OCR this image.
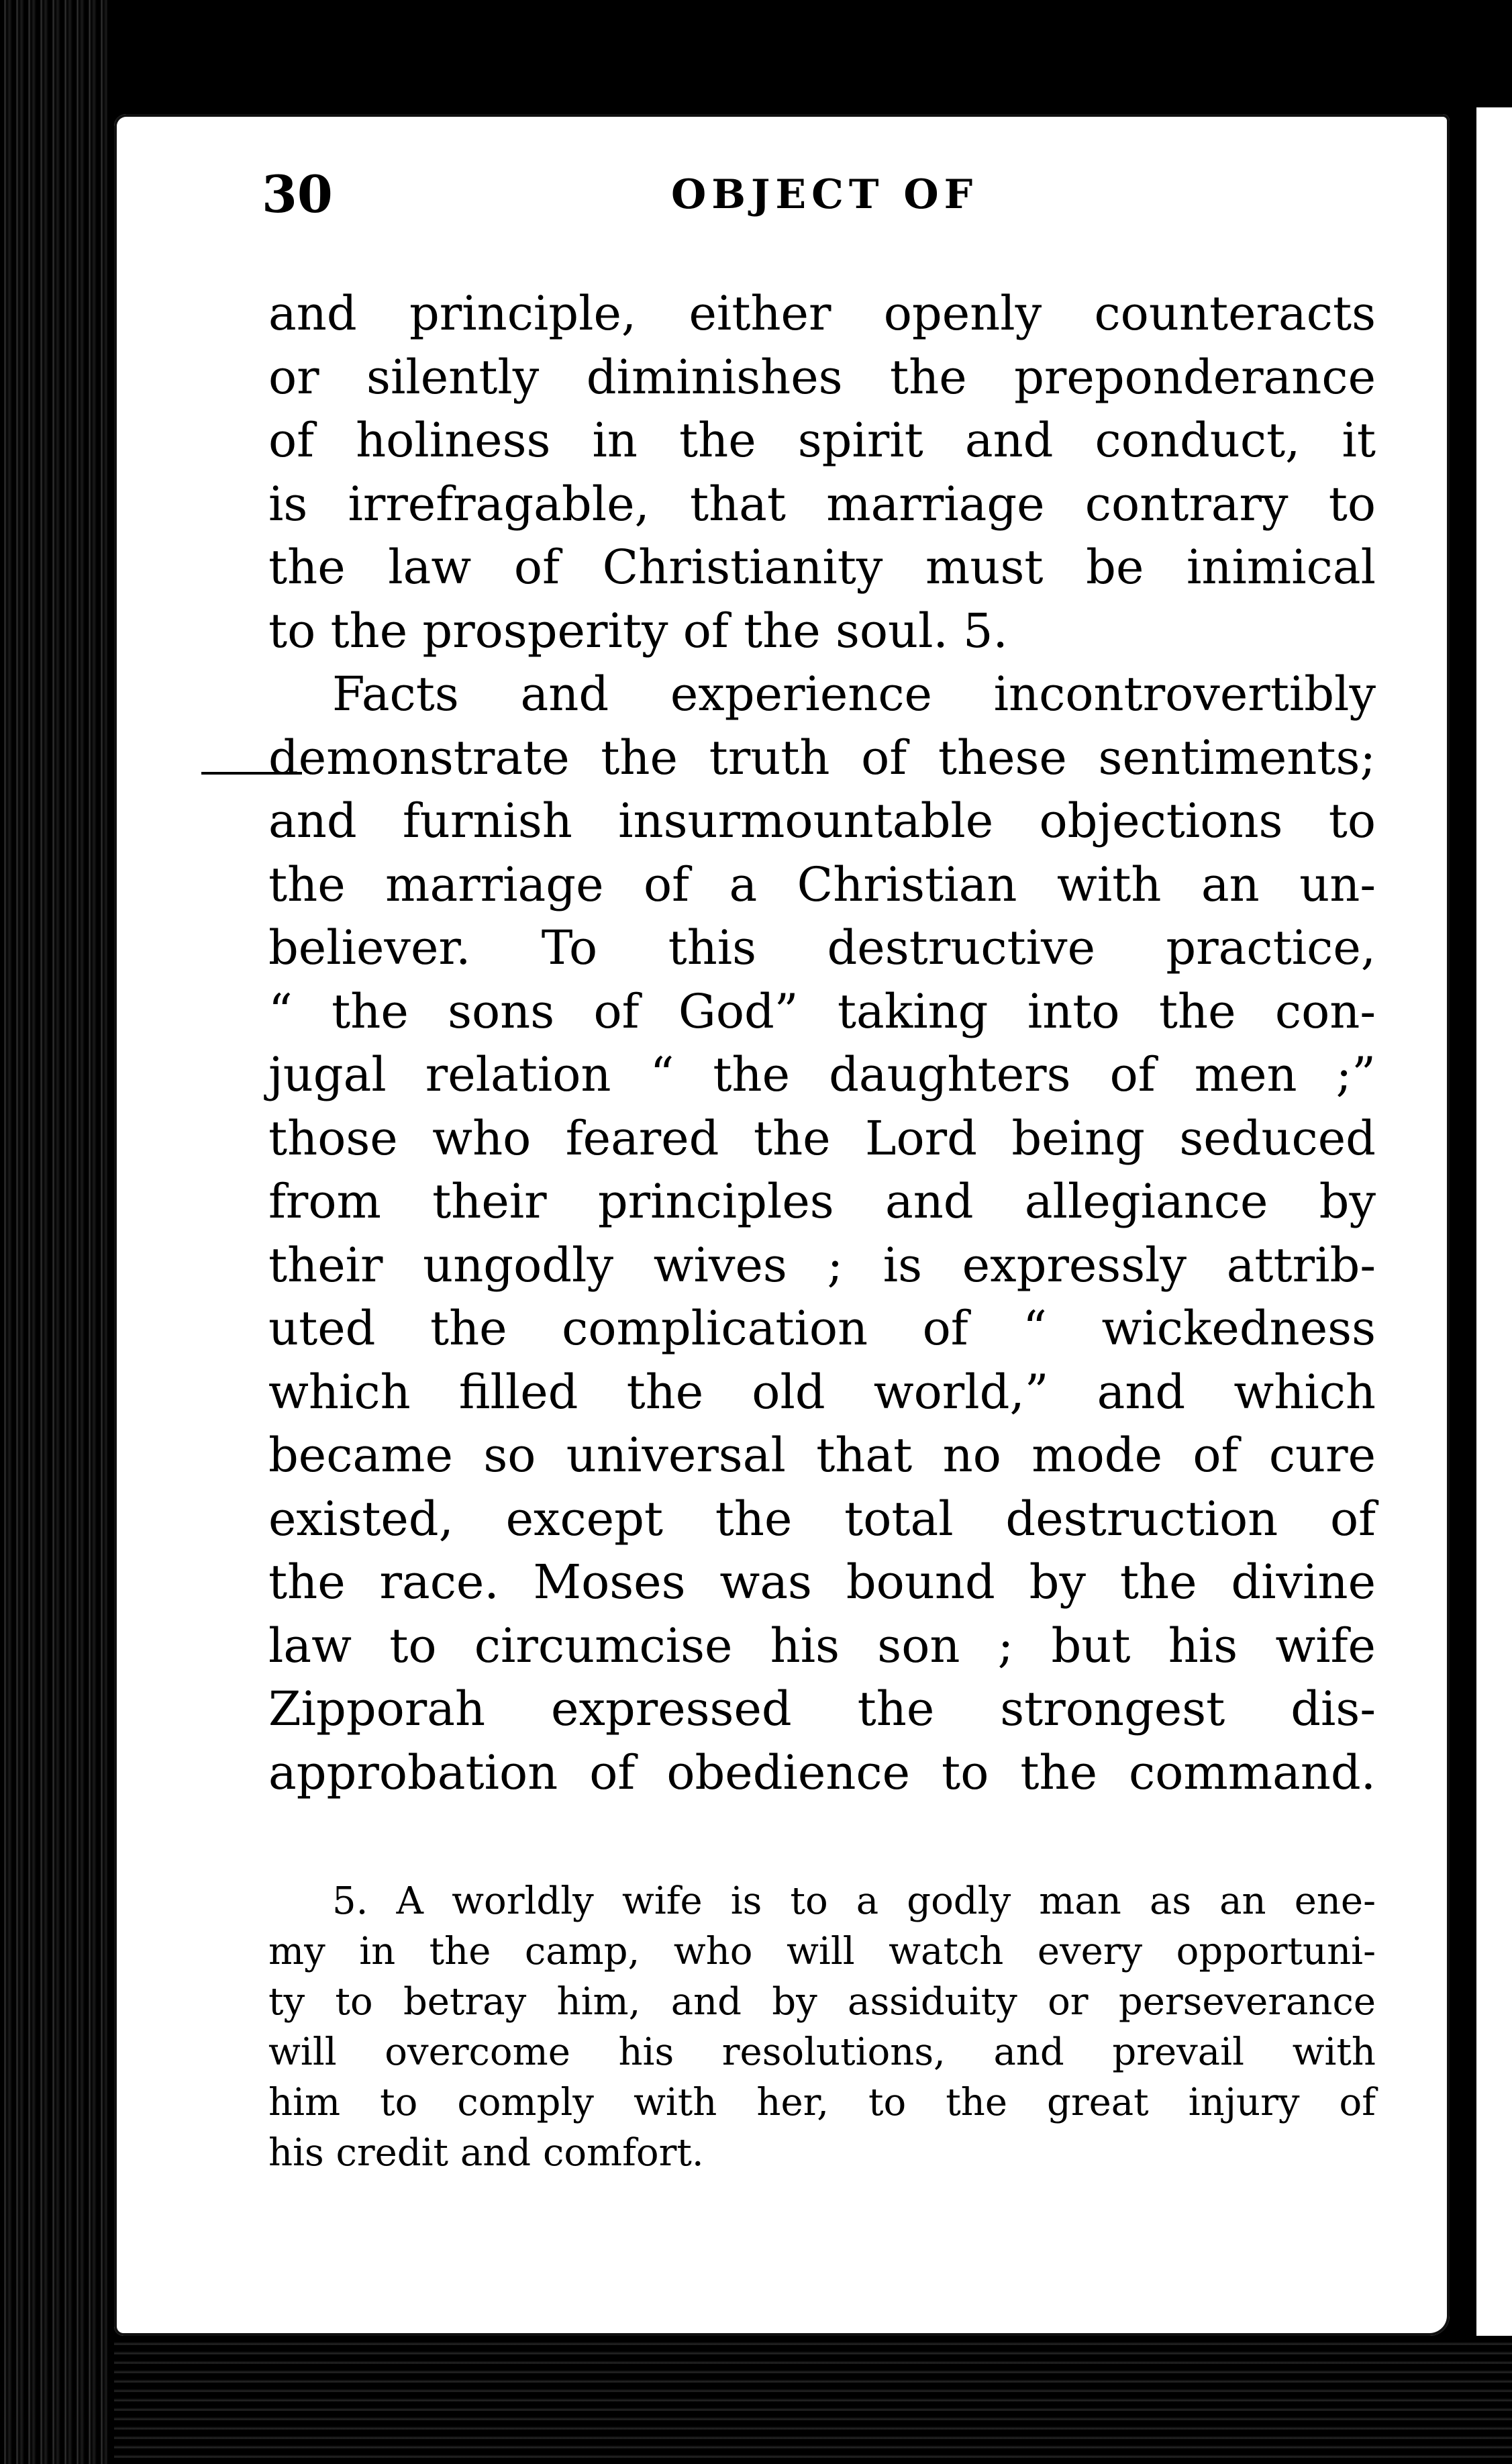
30	OBJECT OF
and principle, either openly counteracts
or silently diminishes the preponderance
of holiness in the spirit and conduct, it
is irrefragable, that marriage contrary to
the law of Christianity must be inimical
to the prosperity of the soul. 5.
Facts and experience incontrovertibly
demonstrate the truth of these sentiments;
and furnish insurmountable objections to
the marriage of a Christian with an un-
believer. To this destructive practice,
“ the sons of God” taking into the con-
jugal relation “ the daughters of men ;”
those who feared the Lord being seduced
from their principles and allegiance by
their ungodly wives ; is expressly attrib-
uted the complication of “ wickedness
which filled the old world,” and which
became so universal that no mode of cure
existed, except the total destruction of
the race. Moses was bound by the divine
law to circumcise his son ; but his wife
Zipporah expressed the strongest dis-
approbation of obedience to the command.
5. A worldly wife is to a godly man as an ene-
my in the camp, who will watch every opportuni-
ty to betray him, and by assiduity or perseverance
will overcome his resolutions, and prevail with
him to comply with her, to the great injury of
his credit and comfort.
